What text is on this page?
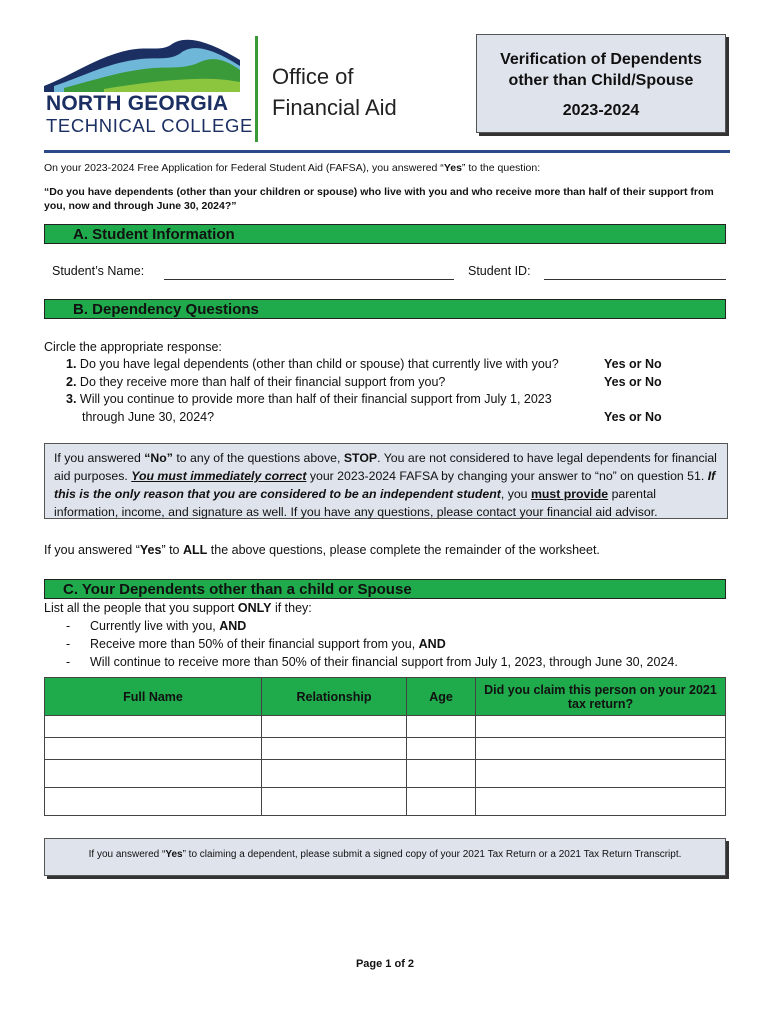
NORTH GEORGIA
TECHNICAL COLLEGE
Office of
Financial Aid
Verification of Dependents
other than Child/Spouse
2023-2024
On your 2023-2024 Free Application for Federal Student Aid (FAFSA), you answered “Yes” to the question:
“Do you have dependents (other than your children or spouse) who live with you and who receive more than half of their support from you, now and through June 30, 2024?”
A. Student Information
Student’s Name:	Student ID:
B. Dependency Questions
Circle the appropriate response:
1. Do you have legal dependents (other than child or spouse) that currently live with you?	Yes or No
2. Do they receive more than half of their financial support from you?	Yes or No
3. Will you continue to provide more than half of their financial support from July 1, 2023
through June 30, 2024?	Yes or No
If you answered “No” to any of the questions above, STOP. You are not considered to have legal dependents for financial aid purposes. You must immediately correct your 2023-2024 FAFSA by changing your answer to “no” on question 51. If this is the only reason that you are considered to be an independent student, you must provide parental information, income, and signature as well. If you have any questions, please contact your financial aid advisor.
If you answered “Yes” to ALL the above questions, please complete the remainder of the worksheet.
C. Your Dependents other than a child or Spouse
List all the people that you support ONLY if they:
- Currently live with you, AND
- Receive more than 50% of their financial support from you, AND
- Will continue to receive more than 50% of their financial support from July 1, 2023, through June 30, 2024.
Full Name	Relationship	Age	Did you claim this person on your 2021 tax return?

If you answered “Yes” to claiming a dependent, please submit a signed copy of your 2021 Tax Return or a 2021 Tax Return Transcript.
Page 1 of 2
